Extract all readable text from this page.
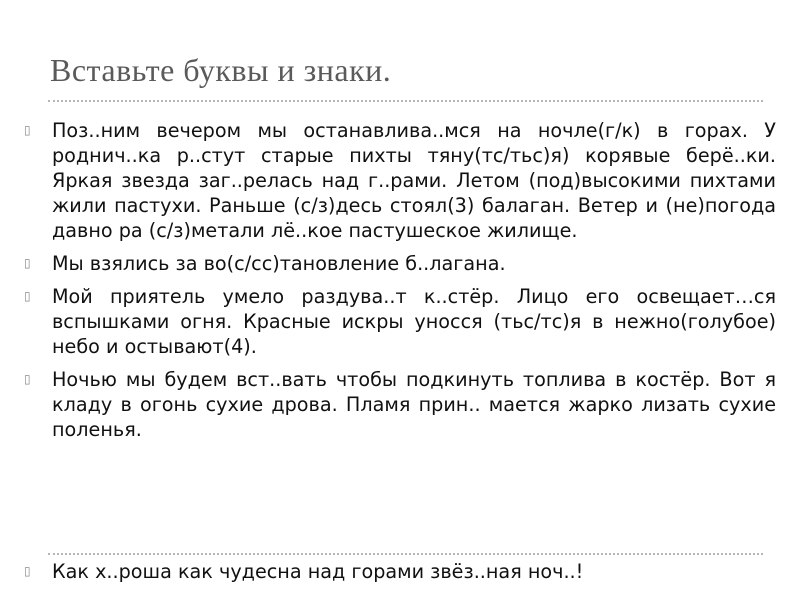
Вставьте буквы и знаки.

▯	Поз..ним вечером мы останавлива..мся на ночле(г/к) в горах. У роднич..ка р..стут старые пихты тяну(тс/тьс)я) корявые берё..ки. Яркая звезда заг..релась над г..рами. Летом (под)высокими пихтами жили пастухи. Раньше (с/з)десь стоял(3) балаган. Ветер и (не)погода давно ра (с/з)метали лё..кое пастушеское жилище.

▯	Мы взялись за во(с/сс)тановление б..лагана.

▯	Мой приятель умело раздува..т к..стёр. Лицо его освещает…ся вспышками огня. Красные искры уносся (тьс/тс)я в нежно(голубое) небо и остывают(4).

▯	Ночью мы будем вст..вать чтобы подкинуть топлива в костёр. Вот я кладу в огонь сухие дрова. Пламя прин.. мается жарко лизать сухие поленья.

▯	Как х..роша как чудесна над горами звёз..ная ноч..!
